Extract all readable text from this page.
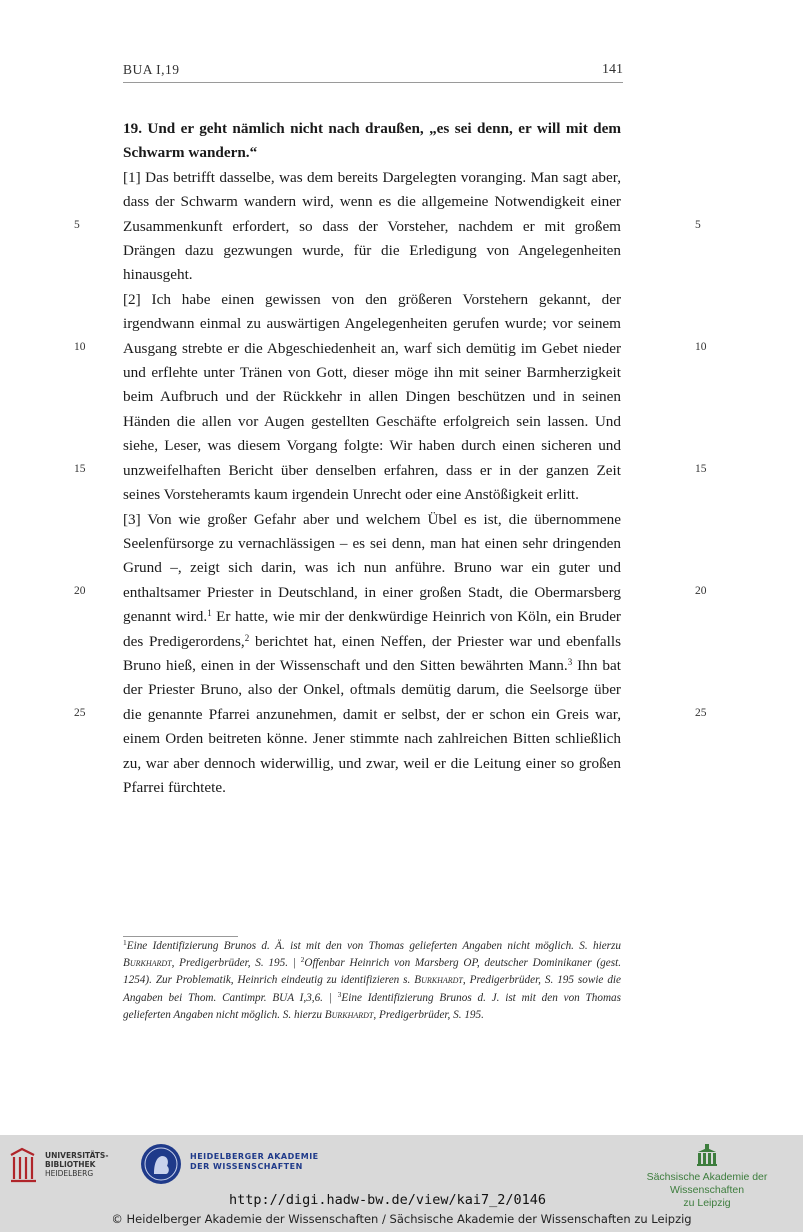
BUA I,19	141

19. Und er geht nämlich nicht nach draußen, „es sei denn, er will mit dem Schwarm wandern.“

[1] Das betrifft dasselbe, was dem bereits Dargelegten voranging. Man sagt aber, dass der Schwarm wandern wird, wenn es die allgemeine Notwendigkeit einer Zusammenkunft erfordert, so dass der Vorsteher, nachdem er mit großem Drängen dazu gezwungen wurde, für die Erledigung von Angelegenheiten hinausgeht.

[2] Ich habe einen gewissen von den größeren Vorstehern gekannt, der irgendwann einmal zu auswärtigen Angelegenheiten gerufen wurde; vor seinem Ausgang strebte er die Abgeschiedenheit an, warf sich demütig im Gebet nieder und erflehte unter Tränen von Gott, dieser möge ihn mit seiner Barmherzigkeit beim Aufbruch und der Rückkehr in allen Dingen beschützen und in seinen Händen die allen vor Augen gestellten Geschäfte erfolgreich sein lassen. Und siehe, Leser, was diesem Vorgang folgte: Wir haben durch einen sicheren und unzweifelhaften Bericht über denselben erfahren, dass er in der ganzen Zeit seines Vorsteheramts kaum irgendein Unrecht oder eine Anstößigkeit erlitt.

[3] Von wie großer Gefahr aber und welchem Übel es ist, die übernommene Seelenfürsorge zu vernachlässigen – es sei denn, man hat einen sehr dringenden Grund –, zeigt sich darin, was ich nun anführe. Bruno war ein guter und enthaltsamer Priester in Deutschland, in einer großen Stadt, die Obermarsberg genannt wird.$^1$ Er hatte, wie mir der denkwürdige Heinrich von Köln, ein Bruder des Predigerordens,$^2$ berichtet hat, einen Neffen, der Priester war und ebenfalls Bruno hieß, einen in der Wissenschaft und den Sitten bewährten Mann.$^3$ Ihn bat der Priester Bruno, also der Onkel, oftmals demütig darum, die Seelsorge über die genannte Pfarrei anzunehmen, damit er selbst, der er schon ein Greis war, einem Orden beitreten könne. Jener stimmte nach zahlreichen Bitten schließlich zu, war aber dennoch widerwillig, und zwar, weil er die Leitung einer so großen Pfarrei fürchtete.

5	5
10	10
15	15
20	20
25	25
$^1$Eine Identifizierung Brunos d. Ä. ist mit den von Thomas gelieferten Angaben nicht möglich. S. hierzu Burkhardt, Predigerbrüder, S. 195. | $^2$Offenbar Heinrich von Marsberg OP, deutscher Dominikaner (gest. 1254). Zur Problematik, Heinrich eindeutig zu identifizieren s. Burkhardt, Predigerbrüder, S. 195 sowie die Angaben bei Thom. Cantimpr. BUA I,3,6. | $^3$Eine Identifizierung Brunos d. J. ist mit den von Thomas gelieferten Angaben nicht möglich. S. hierzu Burkhardt, Predigerbrüder, S. 195.
UNIVERSITÄTS-
BIBLIOTHEK
HEIDELBERG
HEIDELBERGER AKADEMIE
DER WISSENSCHAFTEN
Sächsische Akademie der Wissenschaften
zu Leipzig
http://digi.hadw-bw.de/view/kai7_2/0146
© Heidelberger Akademie der Wissenschaften / Sächsische Akademie der Wissenschaften zu Leipzig
